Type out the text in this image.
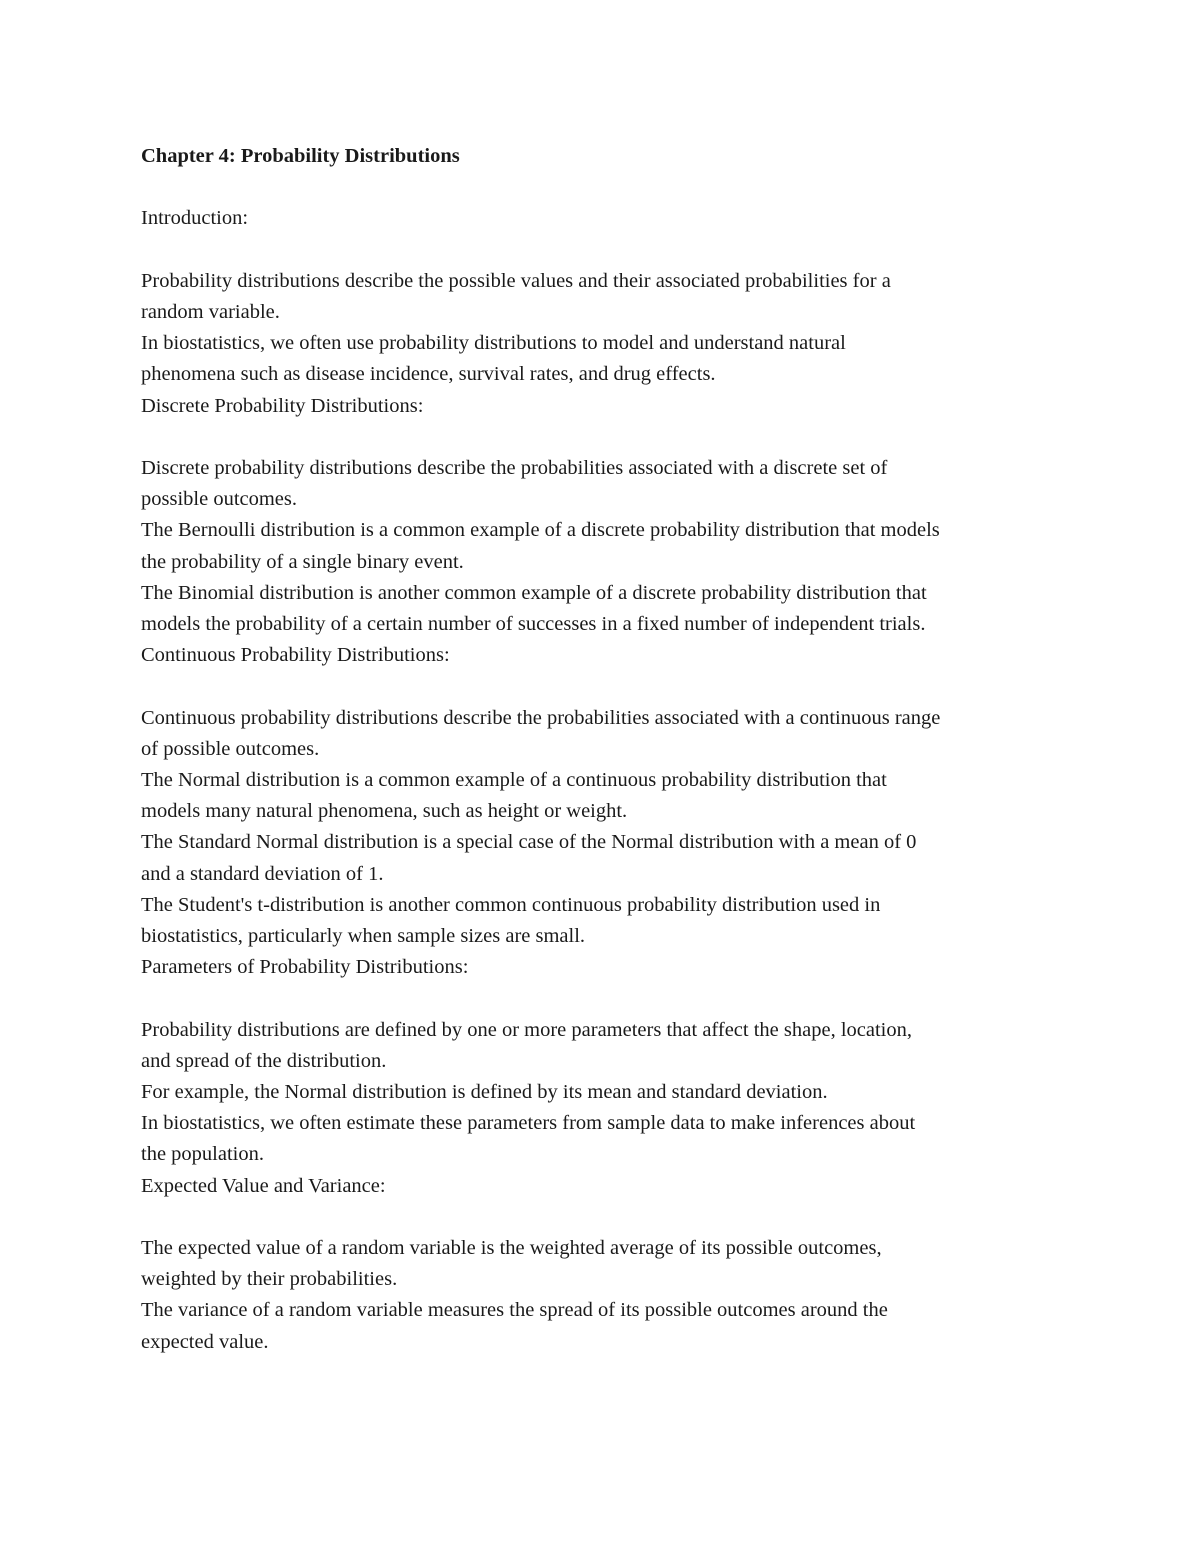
Chapter 4: Probability Distributions

Introduction:

Probability distributions describe the possible values and their associated probabilities for a

random variable.

In biostatistics, we often use probability distributions to model and understand natural

phenomena such as disease incidence, survival rates, and drug effects.

Discrete Probability Distributions:

Discrete probability distributions describe the probabilities associated with a discrete set of

possible outcomes.

The Bernoulli distribution is a common example of a discrete probability distribution that models

the probability of a single binary event.

The Binomial distribution is another common example of a discrete probability distribution that

models the probability of a certain number of successes in a fixed number of independent trials.

Continuous Probability Distributions:

Continuous probability distributions describe the probabilities associated with a continuous range

of possible outcomes.

The Normal distribution is a common example of a continuous probability distribution that

models many natural phenomena, such as height or weight.

The Standard Normal distribution is a special case of the Normal distribution with a mean of 0

and a standard deviation of 1.

The Student's t-distribution is another common continuous probability distribution used in

biostatistics, particularly when sample sizes are small.

Parameters of Probability Distributions:

Probability distributions are defined by one or more parameters that affect the shape, location,

and spread of the distribution.

For example, the Normal distribution is defined by its mean and standard deviation.

In biostatistics, we often estimate these parameters from sample data to make inferences about

the population.

Expected Value and Variance:

The expected value of a random variable is the weighted average of its possible outcomes,

weighted by their probabilities.

The variance of a random variable measures the spread of its possible outcomes around the

expected value.
